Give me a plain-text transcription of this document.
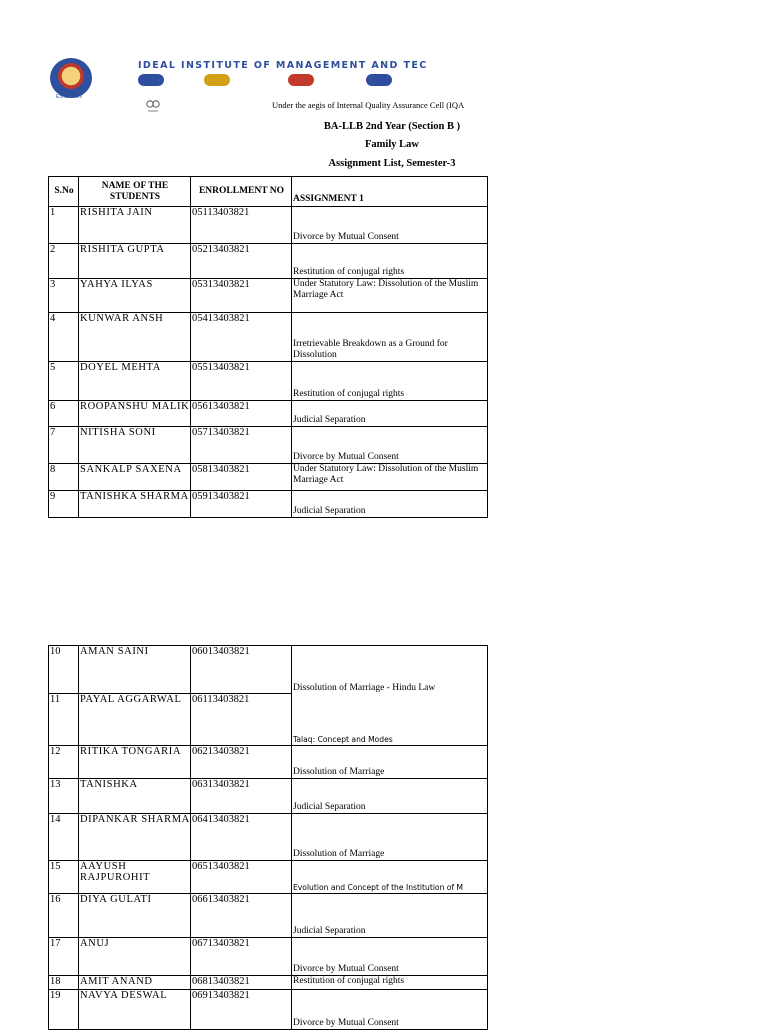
ESTD 1999
IDEAL INSTITUTE OF MANAGEMENT AND TEC

Under the aegis of Internal Quality Assurance Cell (IQA
BA-LLB 2nd Year (Section B )
Family Law
Assignment List, Semester-3
S.No	NAME OF THE STUDENTS	ENROLLMENT NO	ASSIGNMENT 1
1	RISHITA JAIN	05113403821	Divorce by Mutual Consent
2	RISHITA GUPTA	05213403821	Restitution of conjugal rights
3	YAHYA ILYAS	05313403821	Under Statutory Law: Dissolution of the Muslim Marriage Act
4	KUNWAR ANSH	05413403821	Irretrievable Breakdown as a Ground for Dissolution
5	DOYEL MEHTA	05513403821	Restitution of conjugal rights
6	ROOPANSHU MALIK	05613403821	Judicial Separation
7	NITISHA SONI	05713403821	Divorce by Mutual Consent
8	SANKALP SAXENA	05813403821	Under Statutory Law: Dissolution of the Muslim Marriage Act
9	TANISHKA SHARMA	05913403821	Judicial Separation
10	AMAN SAINI	06013403821	Dissolution of Marriage - Hindu Law
11	PAYAL AGGARWAL	06113403821	Talaq: Concept and Modes
12	RITIKA TONGARIA	06213403821	Dissolution of Marriage
13	TANISHKA	06313403821	Judicial Separation
14	DIPANKAR SHARMA	06413403821	Dissolution of Marriage
15	AAYUSH RAJPUROHIT	06513403821	Evolution and Concept of the Institution of M
16	DIYA GULATI	06613403821	Judicial Separation
17	ANUJ	06713403821	Divorce by Mutual Consent
18	AMIT ANAND	06813403821	Restitution of conjugal rights
19	NAVYA DESWAL	06913403821	Divorce by Mutual Consent
